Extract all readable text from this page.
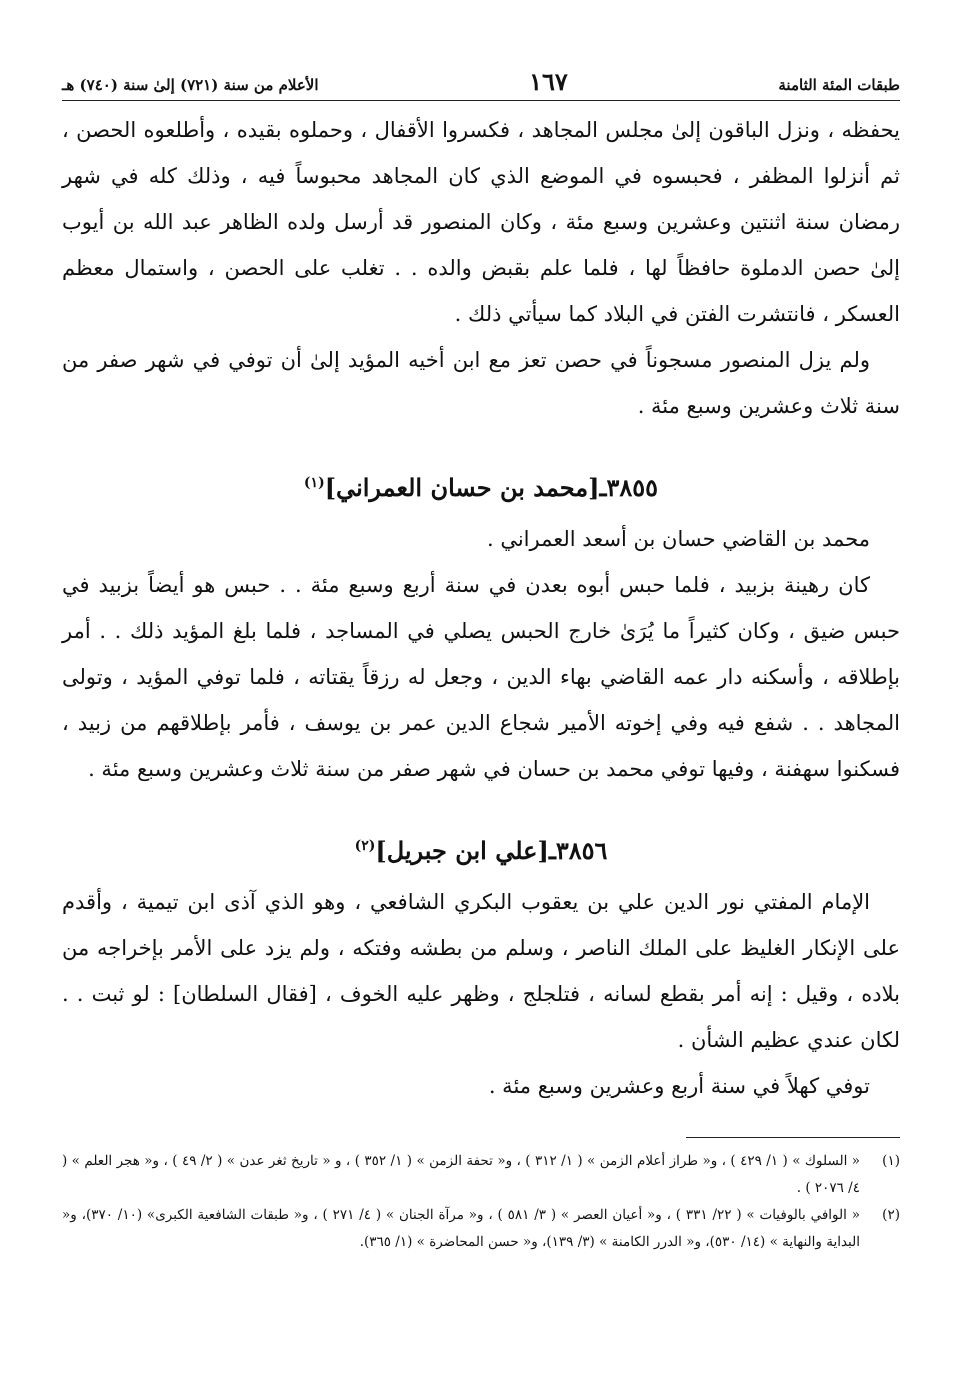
طبقات المئة الثامنة
١٦٧
الأعلام من سنة (٧٢١) إلىٰ سنة (٧٤٠) هـ

يحفظه ، ونزل الباقون إلىٰ مجلس المجاهد ، فكسروا الأقفال ، وحملوه بقيده ، وأطلعوه الحصن ، ثم أنزلوا المظفر ، فحبسوه في الموضع الذي كان المجاهد محبوساً فيه ، وذلك كله في شهر رمضان سنة اثنتين وعشرين وسبع مئة ، وكان المنصور قد أرسل ولده الظاهر عبد الله بن أيوب إلىٰ حصن الدملوة حافظاً لها ، فلما علم بقبض والده . . تغلب على الحصن ، واستمال معظم العسكر ، فانتشرت الفتن في البلاد كما سيأتي ذلك .

ولم يزل المنصور مسجوناً في حصن تعز مع ابن أخيه المؤيد إلىٰ أن توفي في شهر صفر من سنة ثلاث وعشرين وسبع مئة .

٣٨٥٥ـ[محمد بن حسان العمراني]$^{(١)}$

محمد بن القاضي حسان بن أسعد العمراني .

كان رهينة بزبيد ، فلما حبس أبوه بعدن في سنة أربع وسبع مئة . . حبس هو أيضاً بزبيد في حبس ضيق ، وكان كثيراً ما يُرَىٰ خارج الحبس يصلي في المساجد ، فلما بلغ المؤيد ذلك . . أمر بإطلاقه ، وأسكنه دار عمه القاضي بهاء الدين ، وجعل له رزقاً يقتاته ، فلما توفي المؤيد ، وتولى المجاهد . . شفع فيه وفي إخوته الأمير شجاع الدين عمر بن يوسف ، فأمر بإطلاقهم من زبيد ، فسكنوا سهفنة ، وفيها توفي محمد بن حسان في شهر صفر من سنة ثلاث وعشرين وسبع مئة .

٣٨٥٦ـ[علي ابن جبريل]$^{(٢)}$

الإمام المفتي نور الدين علي بن يعقوب البكري الشافعي ، وهو الذي آذى ابن تيمية ، وأقدم على الإنكار الغليظ على الملك الناصر ، وسلم من بطشه وفتكه ، ولم يزد على الأمر بإخراجه من بلاده ، وقيل : إنه أمر بقطع لسانه ، فتلجلج ، وظهر عليه الخوف ، [فقال السلطان] : لو ثبت . . لكان عندي عظيم الشأن .

توفي كهلاً في سنة أربع وعشرين وسبع مئة .

(١)
« السلوك » ( ١/ ٤٢٩ ) ، و« طراز أعلام الزمن » ( ١/ ٣١٢ ) ، و« تحفة الزمن » ( ١/ ٣٥٢ ) ، و « تاريخ ثغر عدن » ( ٢/ ٤٩ ) ، و« هجر العلم » ( ٤/ ٢٠٧٦ ) .
(٢)
« الوافي بالوفيات » ( ٢٢/ ٣٣١ ) ، و« أعيان العصر » ( ٣/ ٥٨١ ) ، و« مرآة الجنان » ( ٤/ ٢٧١ ) ، و« طبقات الشافعية الكبرى» (١٠/ ٣٧٠)، و« البداية والنهاية » (١٤/ ٥٣٠)، و« الدرر الكامنة » (٣/ ١٣٩)، و« حسن المحاضرة » (١/ ٣٦٥).
